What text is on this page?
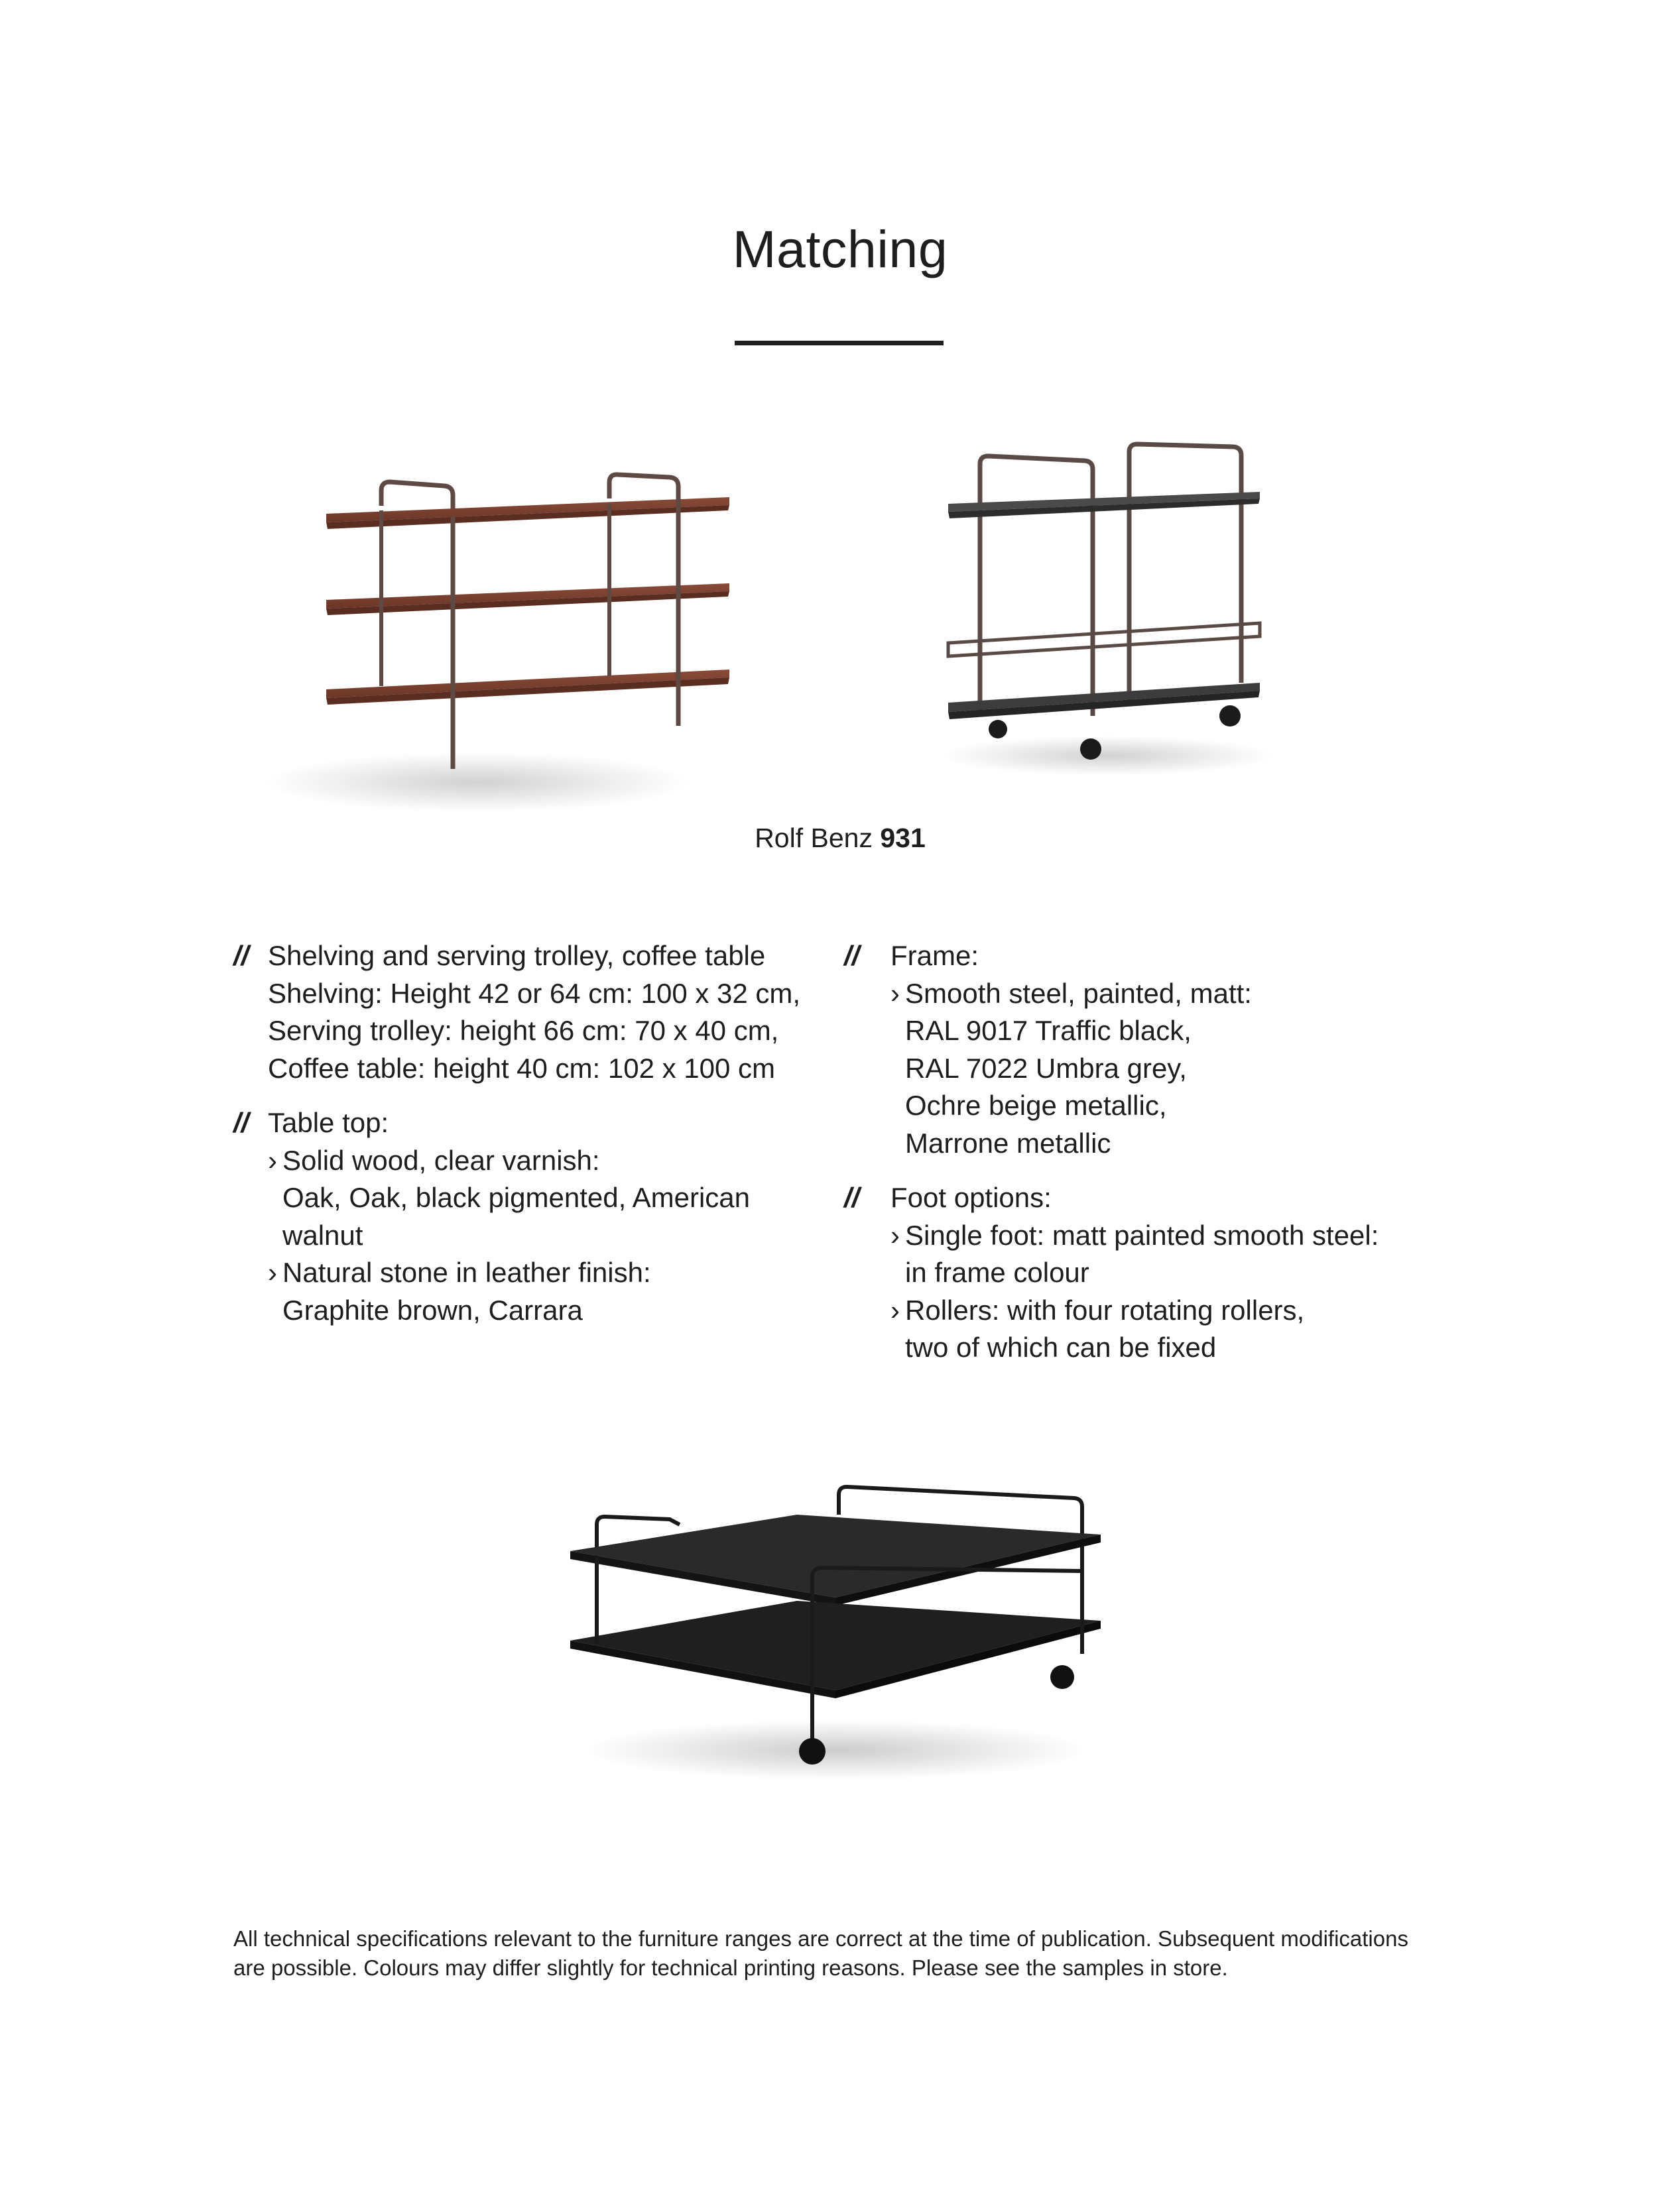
Matching

Rolf Benz 931

// Shelving and serving trolley, coffee table
Shelving: Height 42 or 64 cm: 100 x 32 cm,
Serving trolley: height 66 cm: 70 x 40 cm,
Coffee table: height 40 cm: 102 x 100 cm
// Table top:
› Solid wood, clear varnish:
Oak, Oak, black pigmented, American
walnut
› Natural stone in leather finish:
Graphite brown, Carrara
// Frame:
› Smooth steel, painted, matt:
RAL 9017 Traffic black,
RAL 7022 Umbra grey,
Ochre beige metallic,
Marrone metallic
// Foot options:
› Single foot: matt painted smooth steel:
in frame colour
› Rollers: with four rotating rollers,
two of which can be fixed
All technical specifications relevant to the furniture ranges are correct at the time of publication. Subsequent modifications
are possible. Colours may differ slightly for technical printing reasons. Please see the samples in store.
